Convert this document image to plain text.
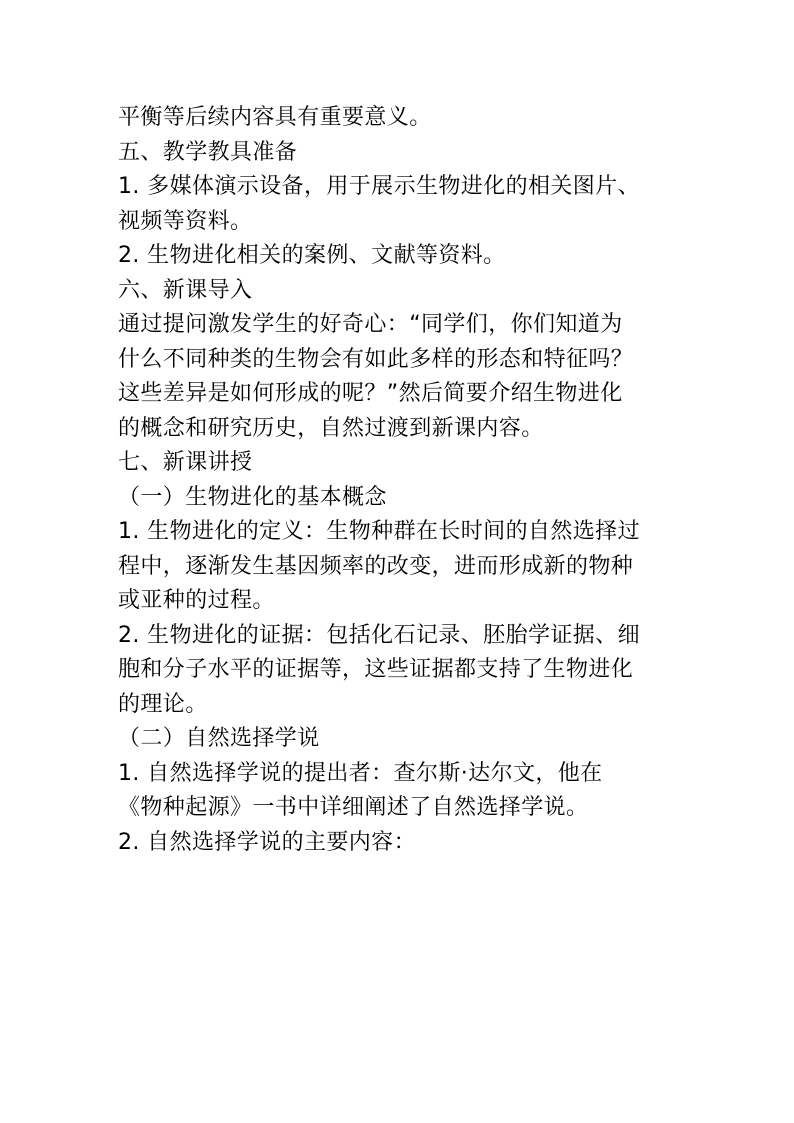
平衡等后续内容具有重要意义。
五、教学教具准备
1. 多媒体演示设备，用于展示生物进化的相关图片、
视频等资料。
2. 生物进化相关的案例、文献等资料。
六、新课导入
通过提问激发学生的好奇心：“同学们，你们知道为
什么不同种类的生物会有如此多样的形态和特征吗？
这些差异是如何形成的呢？”然后简要介绍生物进化
的概念和研究历史，自然过渡到新课内容。
七、新课讲授
（一）生物进化的基本概念
1. 生物进化的定义：生物种群在长时间的自然选择过
程中，逐渐发生基因频率的改变，进而形成新的物种
或亚种的过程。
2. 生物进化的证据：包括化石记录、胚胎学证据、细
胞和分子水平的证据等，这些证据都支持了生物进化
的理论。
（二）自然选择学说
1. 自然选择学说的提出者：查尔斯·达尔文，他在
《物种起源》一书中详细阐述了自然选择学说。
2. 自然选择学说的主要内容：
